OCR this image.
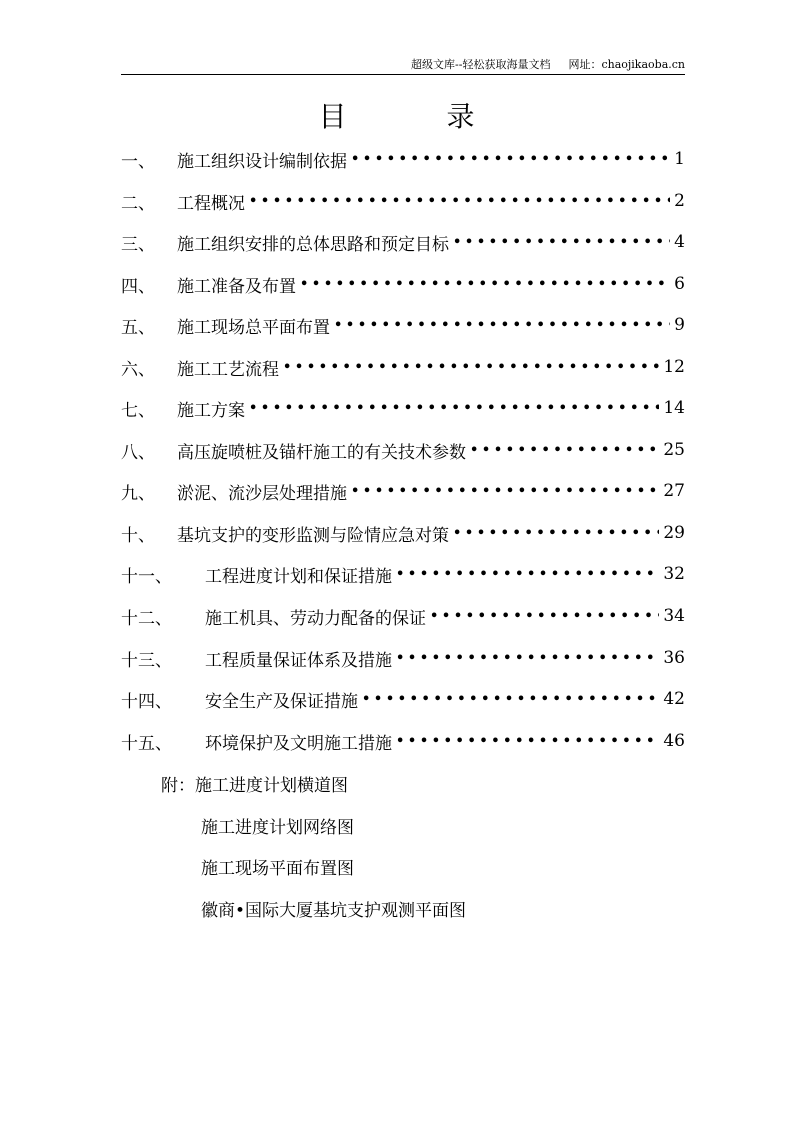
超级文库--轻松获取海量文档 网址：chaojikaoba.cn
目	录
一、	施工组织设计编制依据 •••••	1
二、	工程概况 •••••	2
三、	施工组织安排的总体思路和预定目标 •••••	4
四、	施工准备及布置 •••••	6
五、	施工现场总平面布置 •••••	9
六、	施工工艺流程 •••••	12
七、	施工方案 •••••	14
八、	高压旋喷桩及锚杆施工的有关技术参数 •••••	25
九、	淤泥、流沙层处理措施 •••••	27
十、	基坑支护的变形监测与险情应急对策 •••••	29
十一、	工程进度计划和保证措施 •••••	32
十二、	施工机具、劳动力配备的保证 •••••	34
十三、	工程质量保证体系及措施 •••••	36
十四、	安全生产及保证措施 •••••	42
十五、	环境保护及文明施工措施 •••••	46
附：施工进度计划横道图
施工进度计划网络图
施工现场平面布置图
徽商•国际大厦基坑支护观测平面图
